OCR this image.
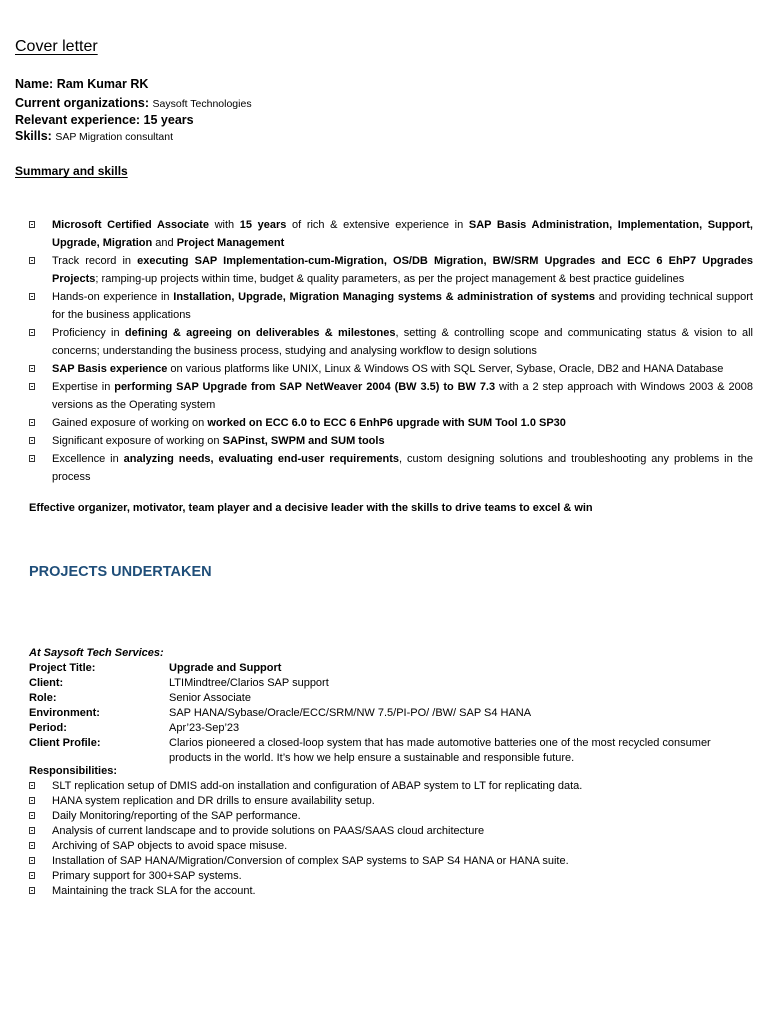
Cover letter
Name: Ram Kumar RK
Current organizations: Saysoft Technologies
Relevant experience: 15 years
Skills: SAP Migration consultant
Summary and skills
Microsoft Certified Associate with 15 years of rich & extensive experience in SAP Basis Administration, Implementation, Support, Upgrade, Migration and Project Management
Track record in executing SAP Implementation-cum-Migration, OS/DB Migration, BW/SRM Upgrades and ECC 6 EhP7 Upgrades Projects; ramping-up projects within time, budget & quality parameters, as per the project management & best practice guidelines
Hands-on experience in Installation, Upgrade, Migration Managing systems & administration of systems and providing technical support for the business applications
Proficiency in defining & agreeing on deliverables & milestones, setting & controlling scope and communicating status & vision to all concerns; understanding the business process, studying and analysing workflow to design solutions
SAP Basis experience on various platforms like UNIX, Linux & Windows OS with SQL Server, Sybase, Oracle, DB2 and HANA Database
Expertise in performing SAP Upgrade from SAP NetWeaver 2004 (BW 3.5) to BW 7.3 with a 2 step approach with Windows 2003 & 2008 versions as the Operating system
Gained exposure of working on worked on ECC 6.0 to ECC 6 EnhP6 upgrade with SUM Tool 1.0 SP30
Significant exposure of working on SAPinst, SWPM and SUM tools
Excellence in analyzing needs, evaluating end-user requirements, custom designing solutions and troubleshooting any problems in the process
Effective organizer, motivator, team player and a decisive leader with the skills to drive teams to excel & win
PROJECTS UNDERTAKEN
At Saysoft Tech Services:
Project Title:	Upgrade and Support
Client:	LTIMindtree/Clarios SAP support
Role:	Senior Associate
Environment:	SAP HANA/Sybase/Oracle/ECC/SRM/NW 7.5/PI-PO/ /BW/ SAP S4 HANA
Period:	Apr’23-Sep’23
Client Profile:	Clarios pioneered a closed-loop system that has made automotive batteries one of the most recycled consumer products in the world. It’s how we help ensure a sustainable and responsible future.
Responsibilities:
SLT replication setup of DMIS add-on installation and configuration of ABAP system to LT for replicating data.
HANA system replication and DR drills to ensure availability setup.
Daily Monitoring/reporting of the SAP performance.
Analysis of current landscape and to provide solutions on PAAS/SAAS cloud architecture
Archiving of SAP objects to avoid space misuse.
Installation of SAP HANA/Migration/Conversion of complex SAP systems to SAP S4 HANA or HANA suite.
Primary support for 300+SAP systems.
Maintaining the track SLA for the account.
